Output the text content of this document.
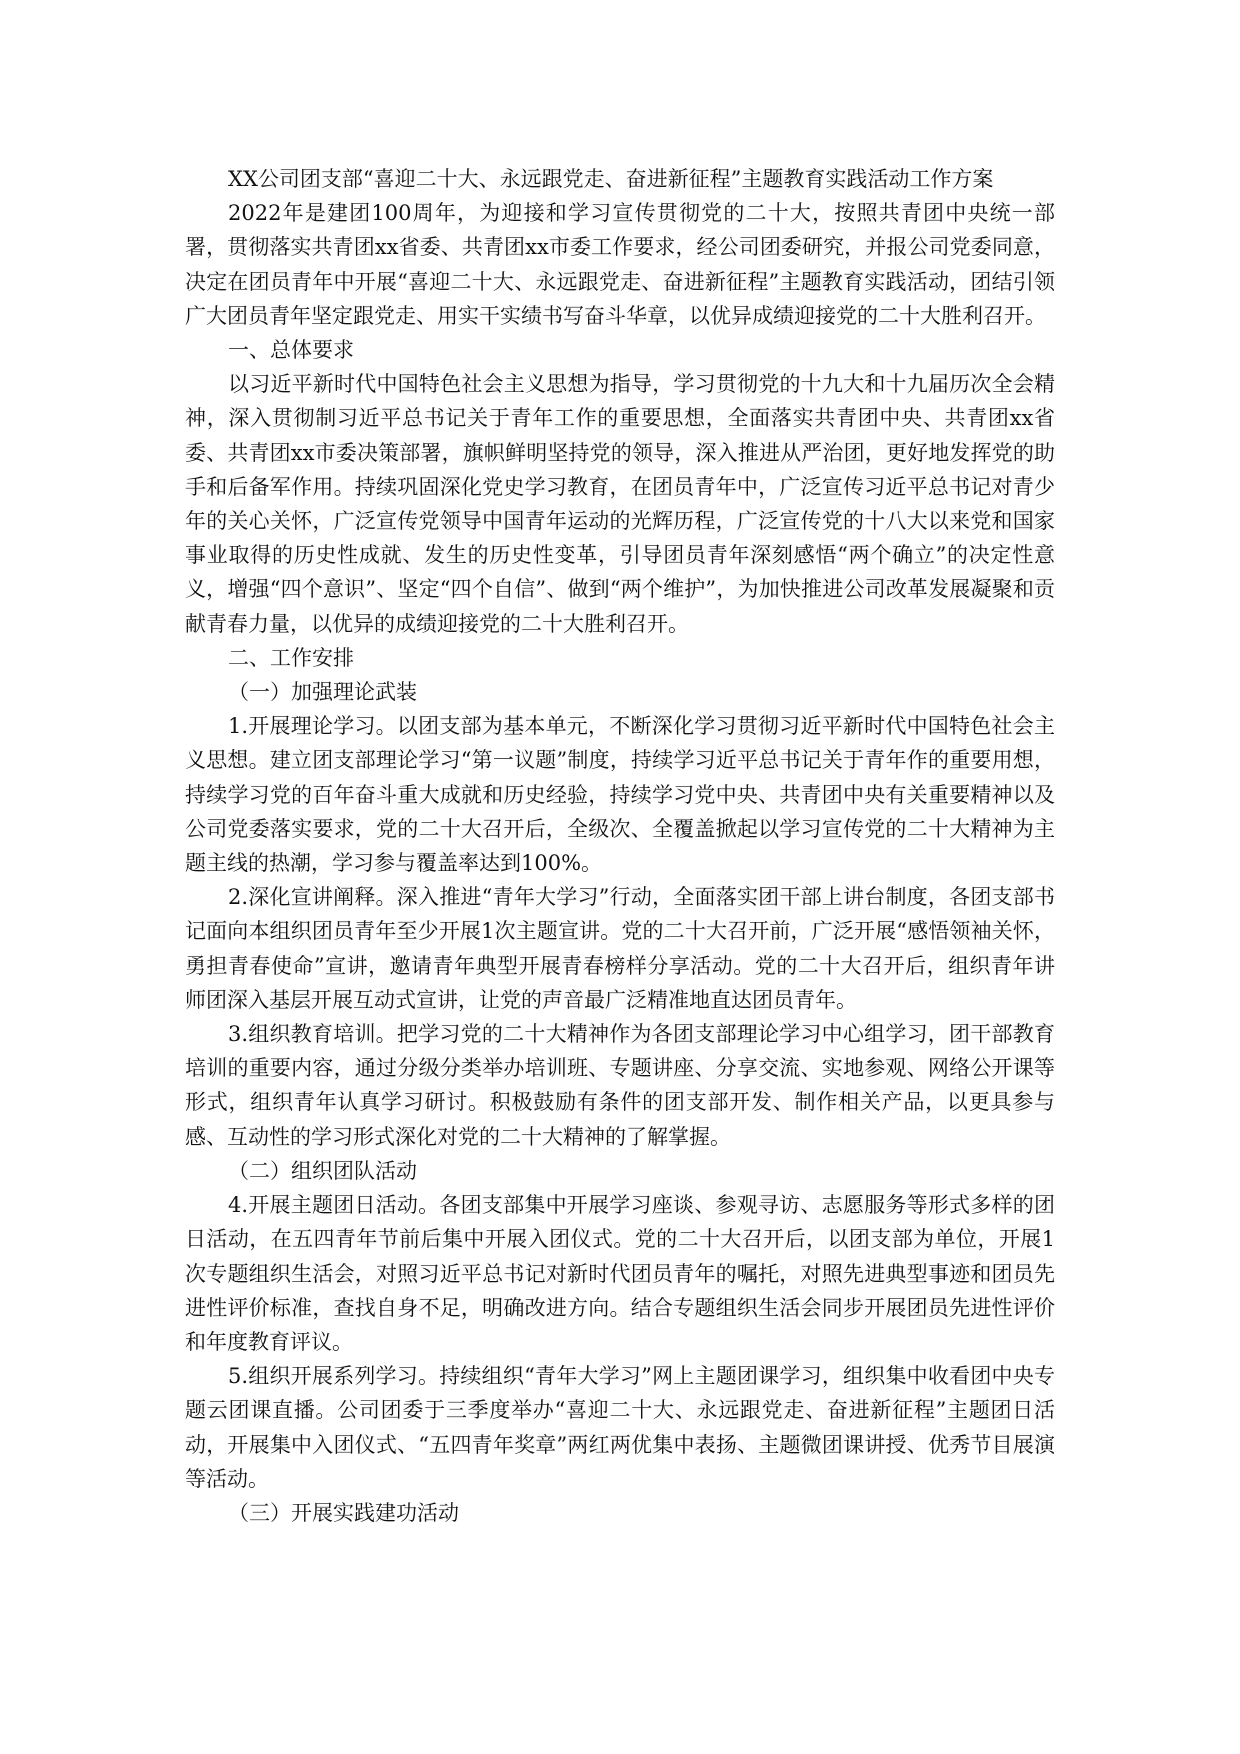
XX公司团支部“喜迎二十大、永远跟党走、奋进新征程”主题教育实践活动工作方案

2022年是建团100周年，为迎接和学习宣传贯彻党的二十大，按照共青团中央统一部署，贯彻落实共青团xx省委、共青团xx市委工作要求，经公司团委研究，并报公司党委同意，决定在团员青年中开展“喜迎二十大、永远跟党走、奋进新征程”主题教育实践活动，团结引领广大团员青年坚定跟党走、用实干实绩书写奋斗华章，以优异成绩迎接党的二十大胜利召开。

一、总体要求

以习近平新时代中国特色社会主义思想为指导，学习贯彻党的十九大和十九届历次全会精神，深入贯彻制习近平总书记关于青年工作的重要思想，全面落实共青团中央、共青团xx省委、共青团xx市委决策部署，旗帜鲜明坚持党的领导，深入推进从严治团，更好地发挥党的助手和后备军作用。持续巩固深化党史学习教育，在团员青年中，广泛宣传习近平总书记对青少年的关心关怀，广泛宣传党领导中国青年运动的光辉历程，广泛宣传党的十八大以来党和国家事业取得的历史性成就、发生的历史性变革，引导团员青年深刻感悟“两个确立”的决定性意义，增强“四个意识”、坚定“四个自信”、做到“两个维护”，为加快推进公司改革发展凝聚和贡献青春力量，以优异的成绩迎接党的二十大胜利召开。

二、工作安排

（一）加强理论武装

1.开展理论学习。以团支部为基本单元，不断深化学习贯彻习近平新时代中国特色社会主义思想。建立团支部理论学习“第一议题”制度，持续学习近平总书记关于青年作的重要用想，持续学习党的百年奋斗重大成就和历史经验，持续学习党中央、共青团中央有关重要精神以及公司党委落实要求，党的二十大召开后，全级次、全覆盖掀起以学习宣传党的二十大精神为主题主线的热潮，学习参与覆盖率达到100%。

2.深化宣讲阐释。深入推进“青年大学习”行动，全面落实团干部上讲台制度，各团支部书记面向本组织团员青年至少开展1次主题宣讲。党的二十大召开前，广泛开展“感悟领袖关怀，勇担青春使命”宣讲，邀请青年典型开展青春榜样分享活动。党的二十大召开后，组织青年讲师团深入基层开展互动式宣讲，让党的声音最广泛精准地直达团员青年。

3.组织教育培训。把学习党的二十大精神作为各团支部理论学习中心组学习，团干部教育培训的重要内容，通过分级分类举办培训班、专题讲座、分享交流、实地参观、网络公开课等形式，组织青年认真学习研讨。积极鼓励有条件的团支部开发、制作相关产品，以更具参与感、互动性的学习形式深化对党的二十大精神的了解掌握。

（二）组织团队活动

4.开展主题团日活动。各团支部集中开展学习座谈、参观寻访、志愿服务等形式多样的团日活动，在五四青年节前后集中开展入团仪式。党的二十大召开后，以团支部为单位，开展1次专题组织生活会，对照习近平总书记对新时代团员青年的嘱托，对照先进典型事迹和团员先进性评价标准，查找自身不足，明确改进方向。结合专题组织生活会同步开展团员先进性评价和年度教育评议。

5.组织开展系列学习。持续组织“青年大学习”网上主题团课学习，组织集中收看团中央专题云团课直播。公司团委于三季度举办“喜迎二十大、永远跟党走、奋进新征程”主题团日活动，开展集中入团仪式、“五四青年奖章”两红两优集中表扬、主题微团课讲授、优秀节目展演等活动。

（三）开展实践建功活动
